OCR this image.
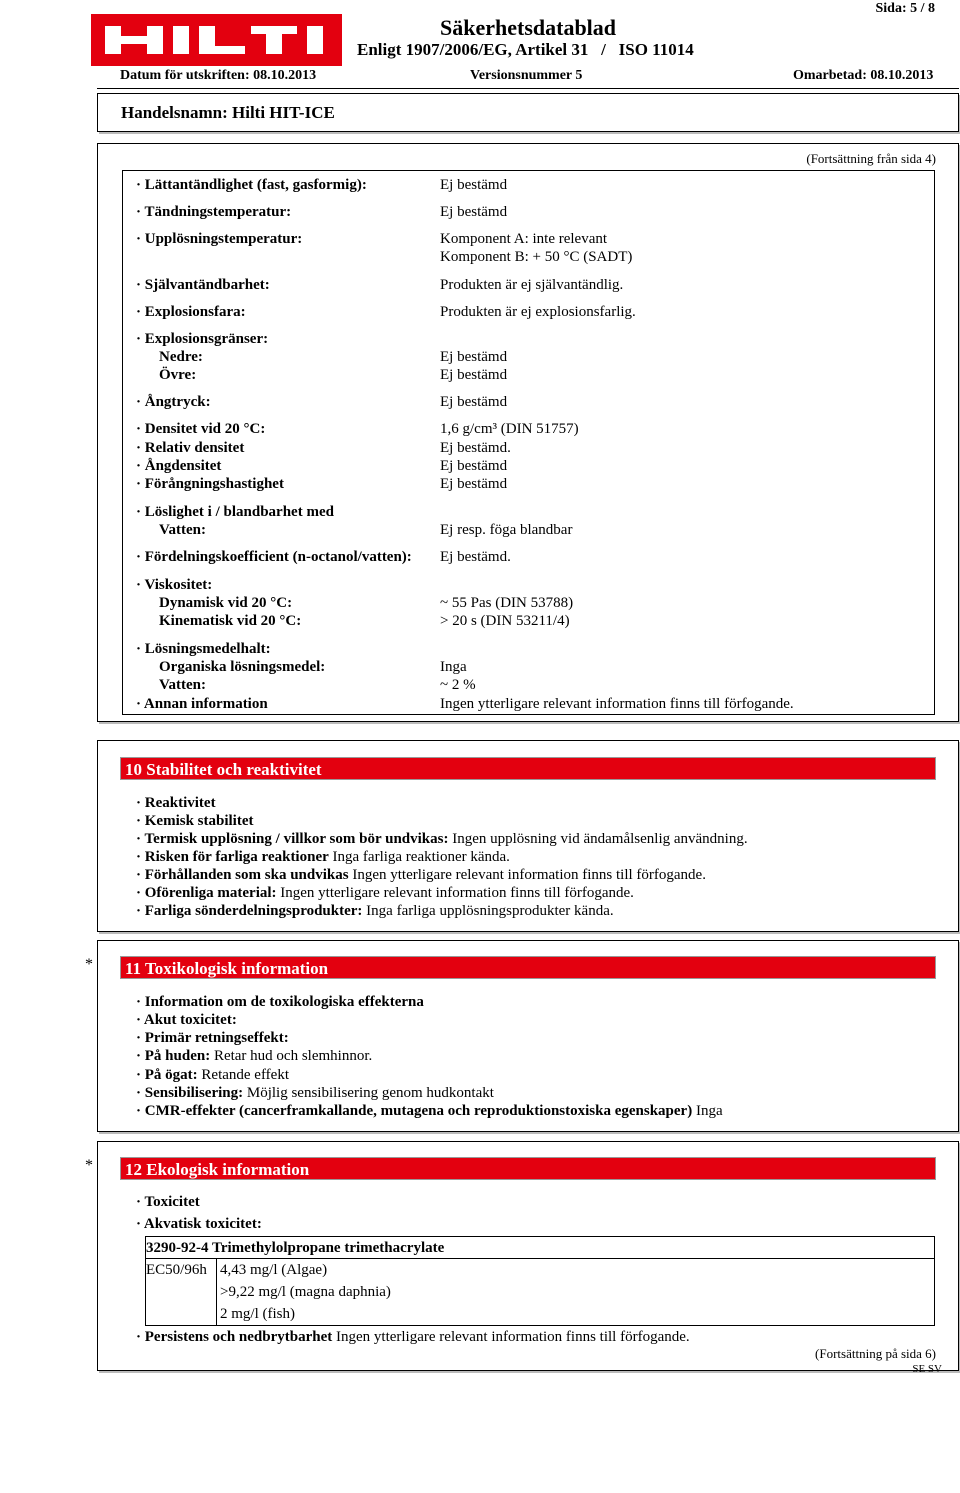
Sida: 5 / 8
Säkerhetsdatablad
Enligt 1907/2006/EG, Artikel 31   /   ISO 11014
Datum för utskriften: 08.10.2013	Versionsnummer 5	Omarbetad: 08.10.2013
Handelsnamn: Hilti HIT-ICE
(Fortsättning från sida 4)
· Lättantändlighet (fast, gasformig):	Ej bestämd
· Tändningstemperatur:	Ej bestämd
· Upplösningstemperatur:	Komponent A: inte relevant
Komponent B: + 50 °C (SADT)
· Självantändbarhet:	Produkten är ej självantändlig.
· Explosionsfara:	Produkten är ej explosionsfarlig.
· Explosionsgränser:
Nedre:	Ej bestämd
Övre:	Ej bestämd
· Ångtryck:	Ej bestämd
· Densitet vid 20 °C:	1,6 g/cm³ (DIN 51757)
· Relativ densitet	Ej bestämd.
· Ångdensitet	Ej bestämd
· Förångningshastighet	Ej bestämd
· Löslighet i / blandbarhet med
Vatten:	Ej resp. föga blandbar
· Fördelningskoefficient (n-octanol/vatten): Ej bestämd.
· Viskositet:
Dynamisk vid 20 °C:	~ 55 Pas (DIN 53788)
Kinematisk vid 20 °C:	> 20 s (DIN 53211/4)
· Lösningsmedelhalt:
Organiska lösningsmedel:	Inga
Vatten:	~ 2 %
· Annan information	Ingen ytterligare relevant information finns till förfogande.
10 Stabilitet och reaktivitet
· Reaktivitet
· Kemisk stabilitet
· Termisk upplösning / villkor som bör undvikas: Ingen upplösning vid ändamålsenlig användning.
· Risken för farliga reaktioner Inga farliga reaktioner kända.
· Förhållanden som ska undvikas Ingen ytterligare relevant information finns till förfogande.
· Oförenliga material: Ingen ytterligare relevant information finns till förfogande.
· Farliga sönderdelningsprodukter: Inga farliga upplösningsprodukter kända.
* 11 Toxikologisk information
· Information om de toxikologiska effekterna
· Akut toxicitet:
· Primär retningseffekt:
· På huden: Retar hud och slemhinnor.
· På ögat: Retande effekt
· Sensibilisering: Möjlig sensibilisering genom hudkontakt
· CMR-effekter (cancerframkallande, mutagena och reproduktionstoxiska egenskaper) Inga
* 12 Ekologisk information
· Toxicitet
· Akvatisk toxicitet:
3290-92-4 Trimethylolpropane trimethacrylate
EC50/96h 4,43 mg/l (Algae)
>9,22 mg/l (magna daphnia)
2 mg/l (fish)
· Persistens och nedbrytbarhet Ingen ytterligare relevant information finns till förfogande.
(Fortsättning på sida 6)
SE SV
